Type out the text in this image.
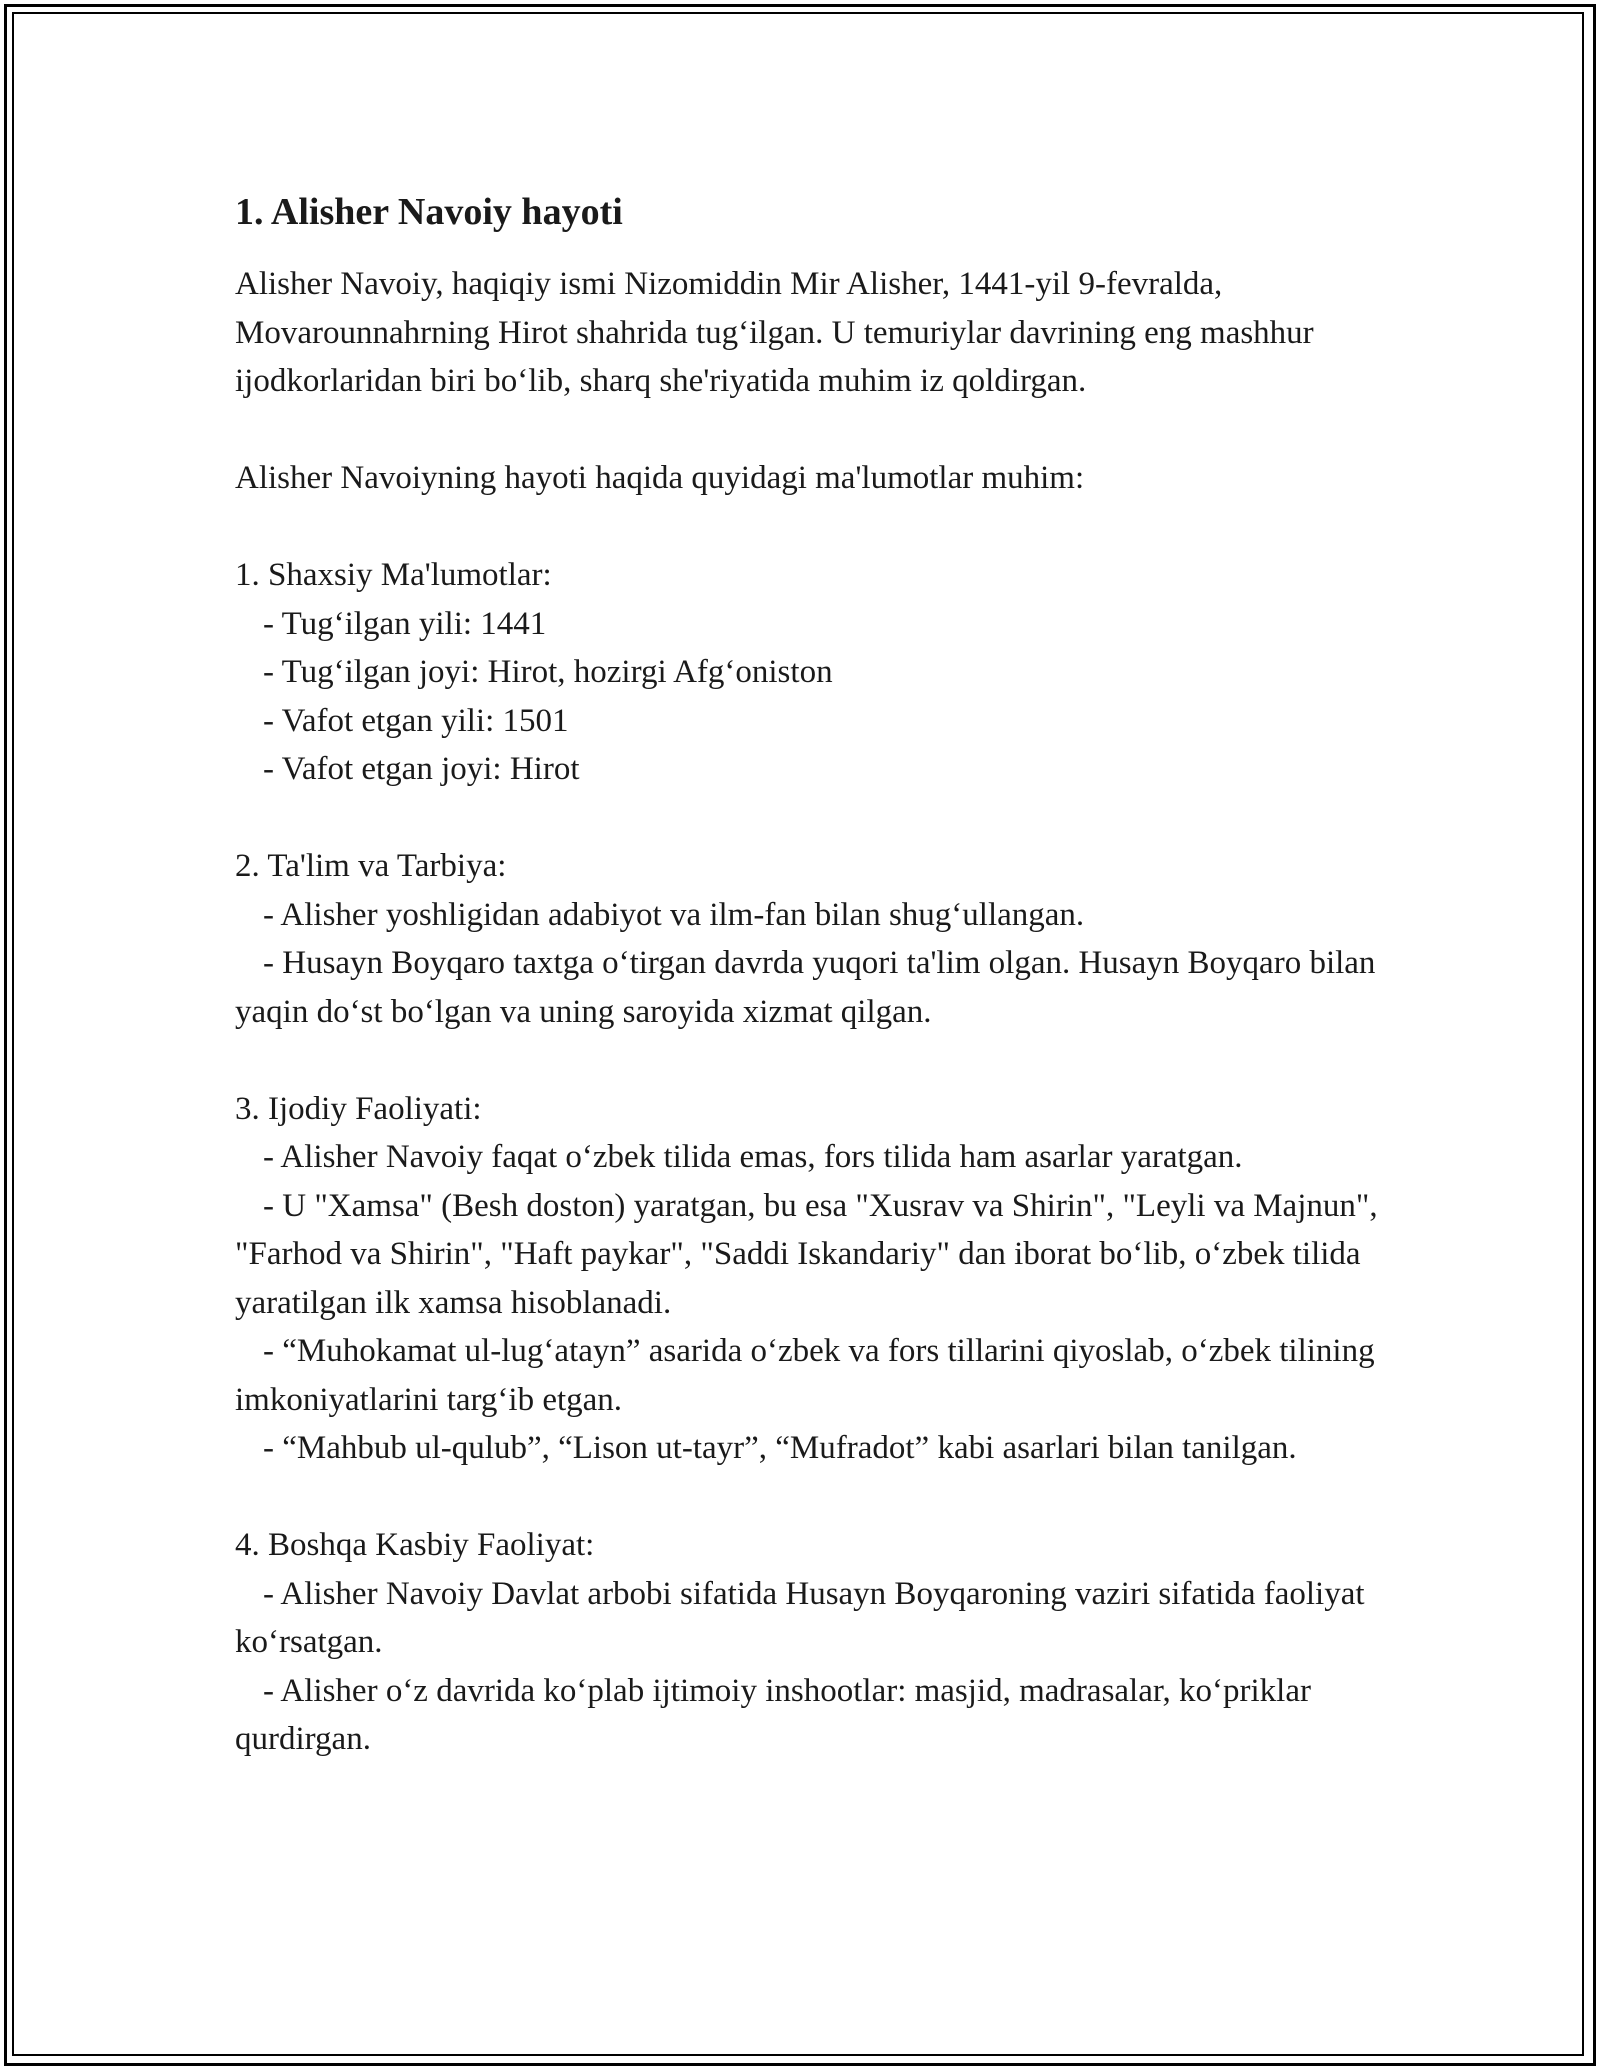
1. Alisher Navoiy hayoti

Alisher Navoiy, haqiqiy ismi Nizomiddin Mir Alisher, 1441-yil 9-fevralda, Movarounnahrning Hirot shahrida tug‘ilgan. U temuriylar davrining eng mashhur ijodkorlaridan biri bo‘lib, sharq she'riyatida muhim iz qoldirgan.

Alisher Navoiyning hayoti haqida quyidagi ma'lumotlar muhim:

1. Shaxsiy Ma'lumotlar:

- Tug‘ilgan yili: 1441

- Tug‘ilgan joyi: Hirot, hozirgi Afg‘oniston

- Vafot etgan yili: 1501

- Vafot etgan joyi: Hirot

2. Ta'lim va Tarbiya:

- Alisher yoshligidan adabiyot va ilm-fan bilan shug‘ullangan.

- Husayn Boyqaro taxtga o‘tirgan davrda yuqori ta'lim olgan. Husayn Boyqaro bilan yaqin do‘st bo‘lgan va uning saroyida xizmat qilgan.

3. Ijodiy Faoliyati:

- Alisher Navoiy faqat o‘zbek tilida emas, fors tilida ham asarlar yaratgan.

- U "Xamsa" (Besh doston) yaratgan, bu esa "Xusrav va Shirin", "Leyli va Majnun", "Farhod va Shirin", "Haft paykar", "Saddi Iskandariy" dan iborat bo‘lib, o‘zbek tilida yaratilgan ilk xamsa hisoblanadi.

- “Muhokamat ul-lug‘atayn” asarida o‘zbek va fors tillarini qiyoslab, o‘zbek tilining imkoniyatlarini targ‘ib etgan.

- “Mahbub ul-qulub”, “Lison ut-tayr”, “Mufradot” kabi asarlari bilan tanilgan.

4. Boshqa Kasbiy Faoliyat:

- Alisher Navoiy Davlat arbobi sifatida Husayn Boyqaroning vaziri sifatida faoliyat ko‘rsatgan.

- Alisher o‘z davrida ko‘plab ijtimoiy inshootlar: masjid, madrasalar, ko‘priklar qurdirgan.
